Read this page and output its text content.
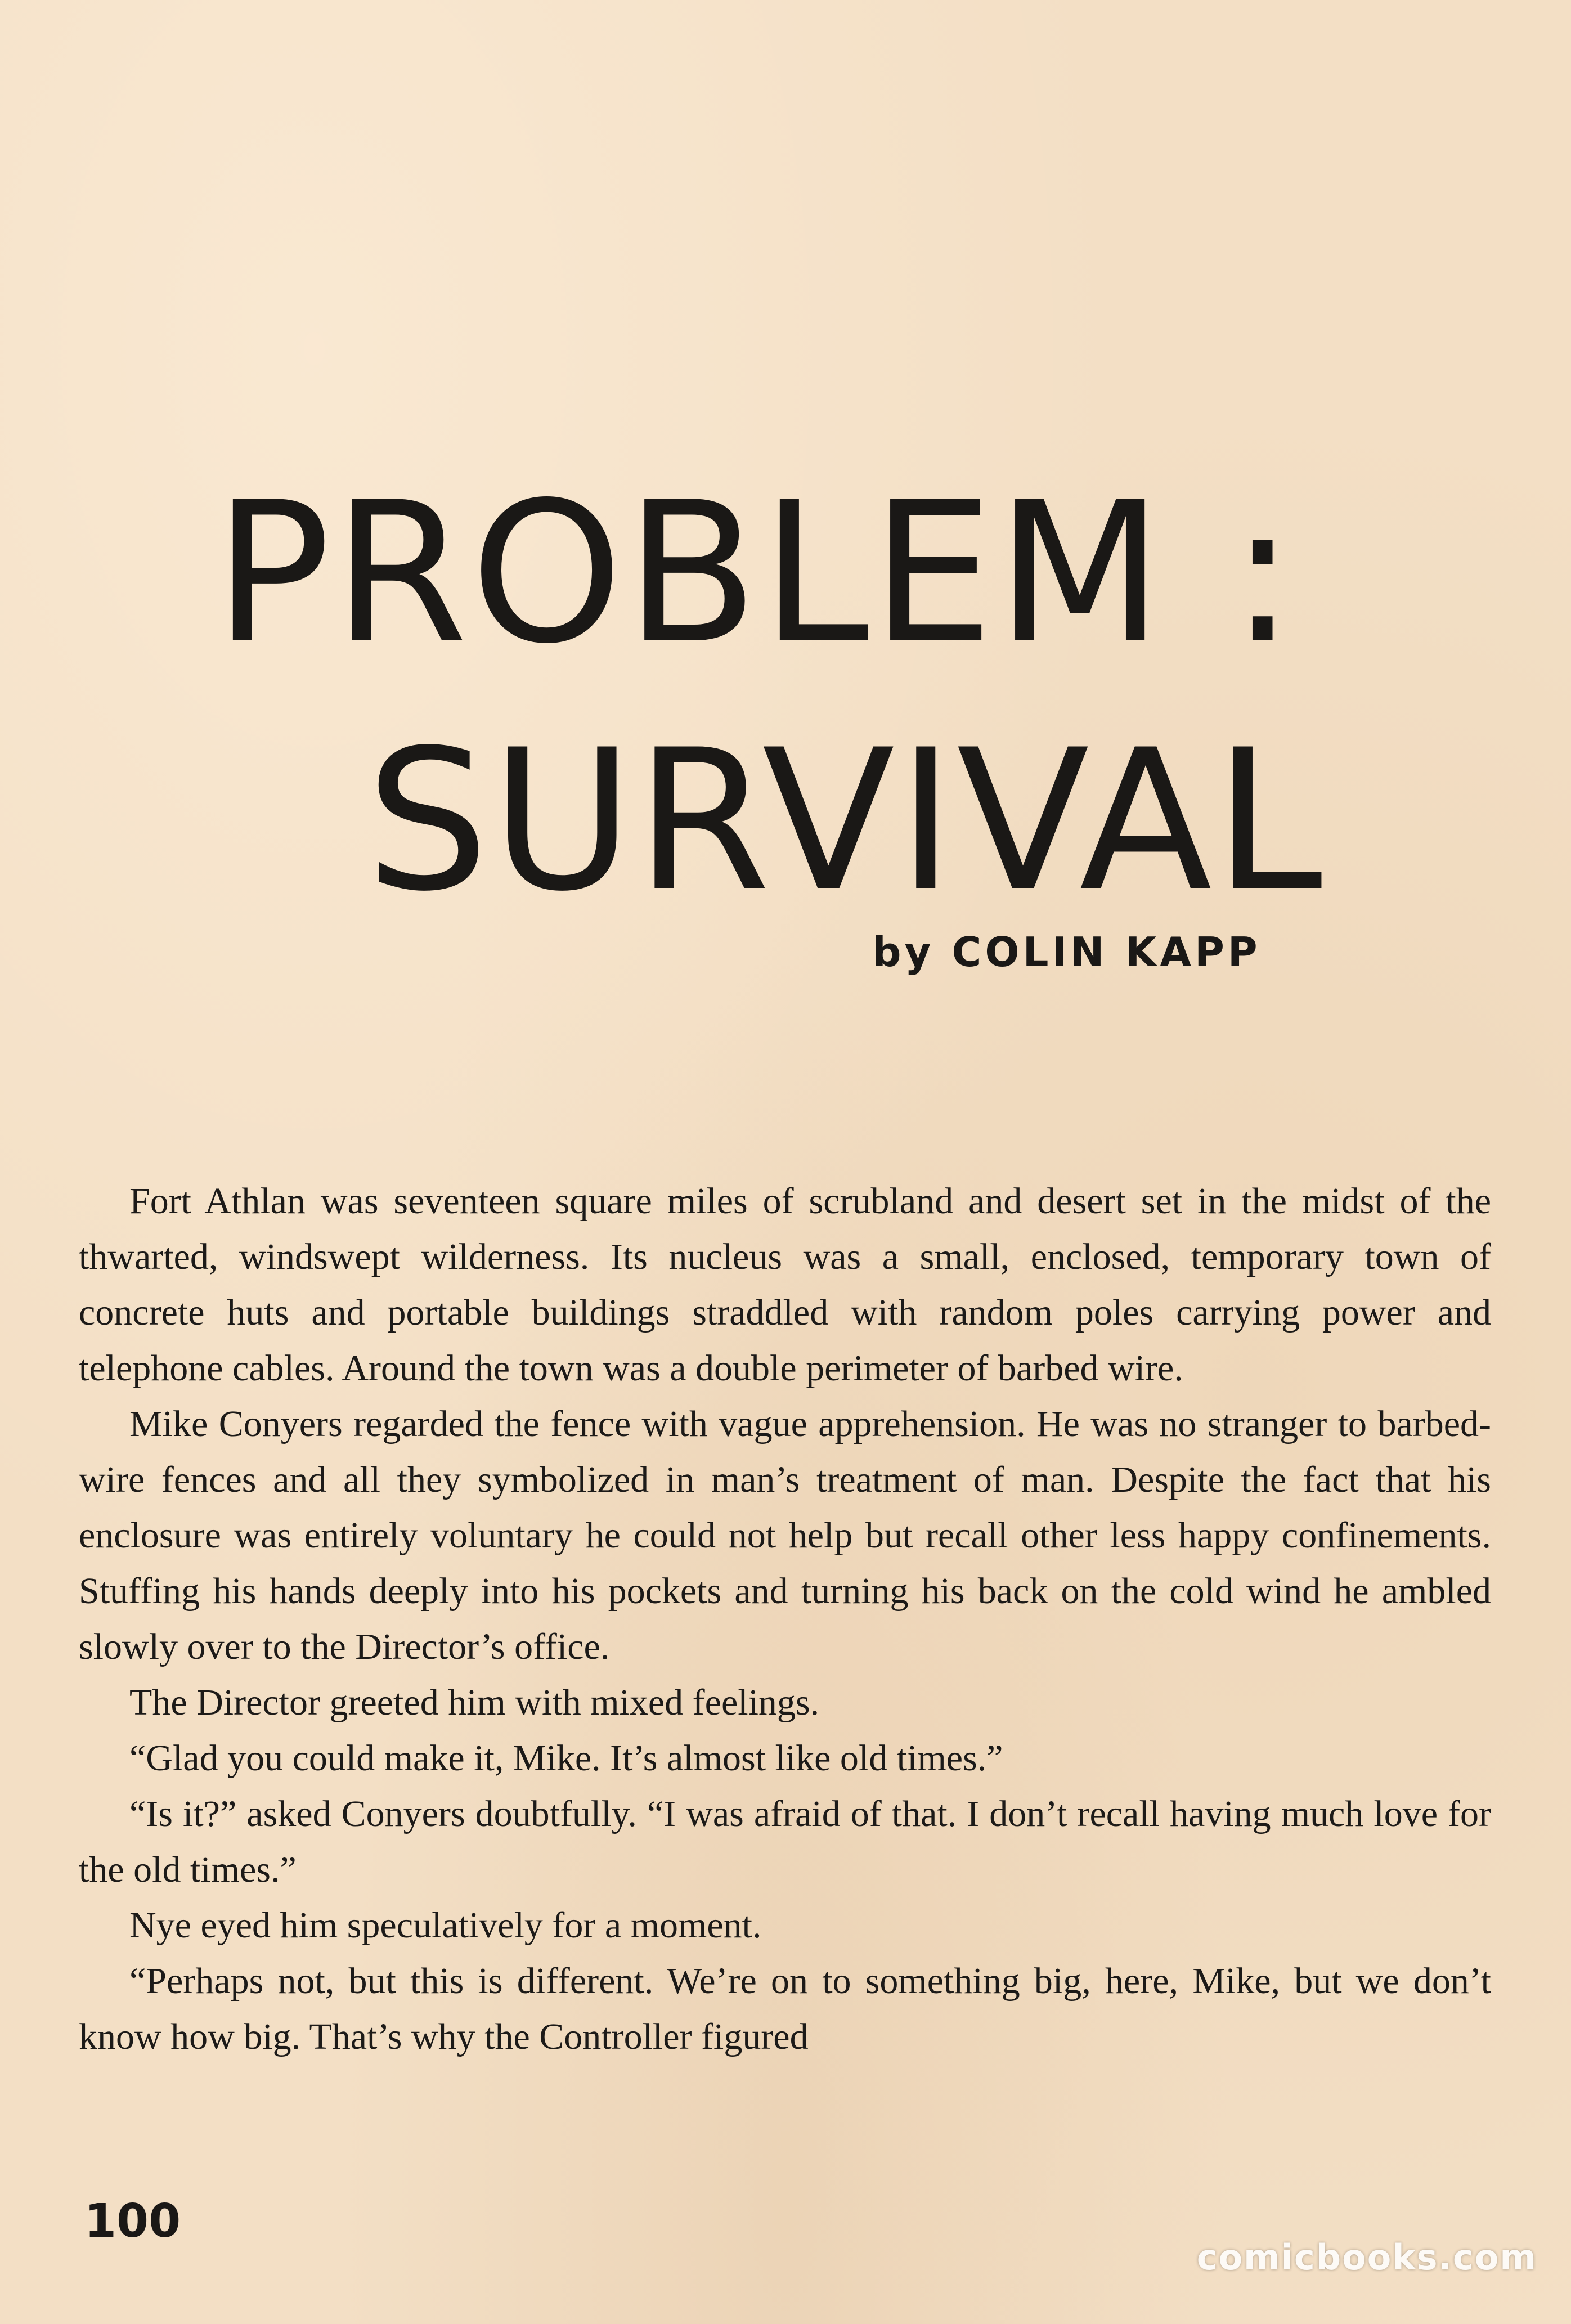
PROBLEM :
SURVIVAL
by COLIN KAPP

Fort Athlan was seventeen square miles of scrubland and desert set in the midst of the thwarted, windswept wilderness. Its nucleus was a small, enclosed, temporary town of concrete huts and portable buildings straddled with random poles carrying power and telephone cables. Around the town was a double perimeter of barbed wire.

Mike Conyers regarded the fence with vague apprehension. He was no stranger to barbed-wire fences and all they symbolized in man’s treatment of man. Despite the fact that his enclosure was entirely voluntary he could not help but recall other less happy confinements. Stuffing his hands deeply into his pockets and turning his back on the cold wind he ambled slowly over to the Director’s office.

The Director greeted him with mixed feelings.

“Glad you could make it, Mike. It’s almost like old times.”

“Is it?” asked Conyers doubtfully. “I was afraid of that. I don’t recall having much love for the old times.”

Nye eyed him speculatively for a moment.

“Perhaps not, but this is different. We’re on to something big, here, Mike, but we don’t know how big. That’s why the Controller figured

100
comicbooks.com
